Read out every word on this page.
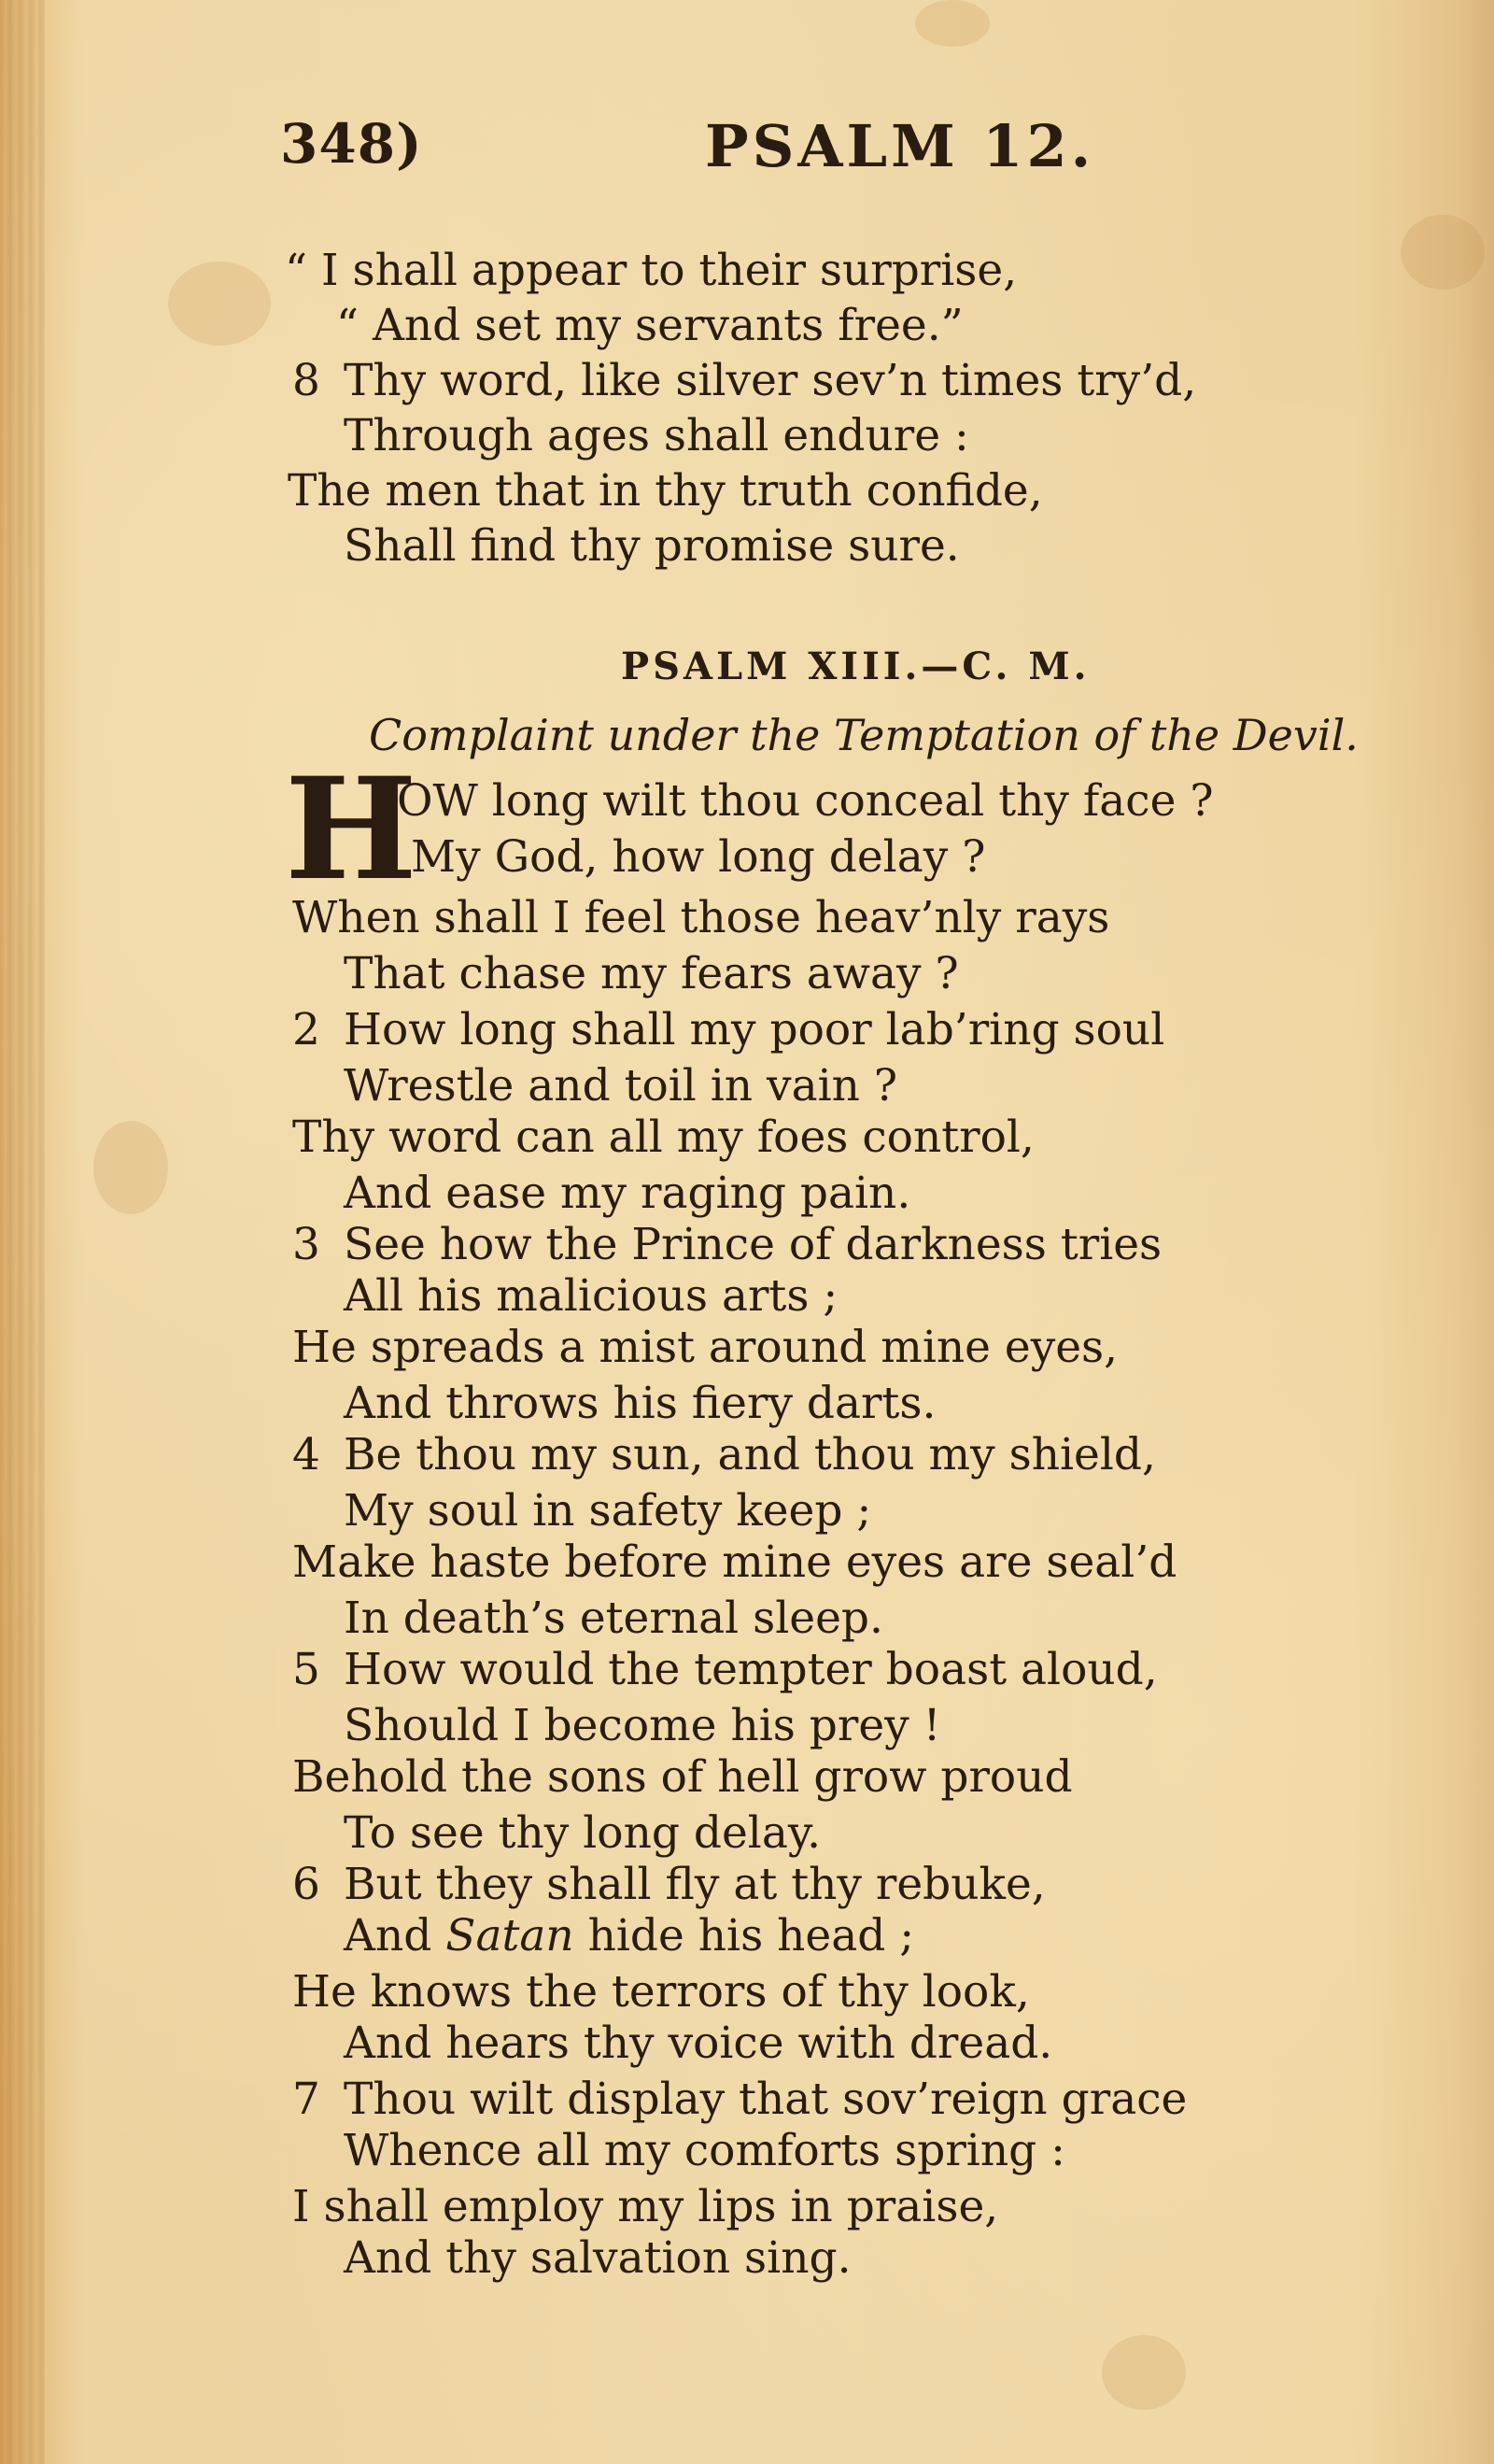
348)	PSALM 12.
“ I shall appear to their surprise,
“ And set my servants free.”
8 Thy word, like silver sev’n times try’d,
Through ages shall endure :
The men that in thy truth confide,
Shall find thy promise sure.
PSALM XIII.—C. M.
Complaint under the Temptation of the Devil.
H
OW long wilt thou conceal thy face ?
My God, how long delay ?
When shall I feel those heav’nly rays
That chase my fears away ?
2 How long shall my poor lab’ring soul
Wrestle and toil in vain ?
Thy word can all my foes control,
And ease my raging pain.
3 See how the Prince of darkness tries
All his malicious arts ;
He spreads a mist around mine eyes,
And throws his fiery darts.
4 Be thou my sun, and thou my shield,
My soul in safety keep ;
Make haste before mine eyes are seal’d
In death’s eternal sleep.
5 How would the tempter boast aloud,
Should I become his prey !
Behold the sons of hell grow proud
To see thy long delay.
6 But they shall fly at thy rebuke,
And Satan hide his head ;
He knows the terrors of thy look,
And hears thy voice with dread.
7 Thou wilt display that sov’reign grace
Whence all my comforts spring :
I shall employ my lips in praise,
And thy salvation sing.
